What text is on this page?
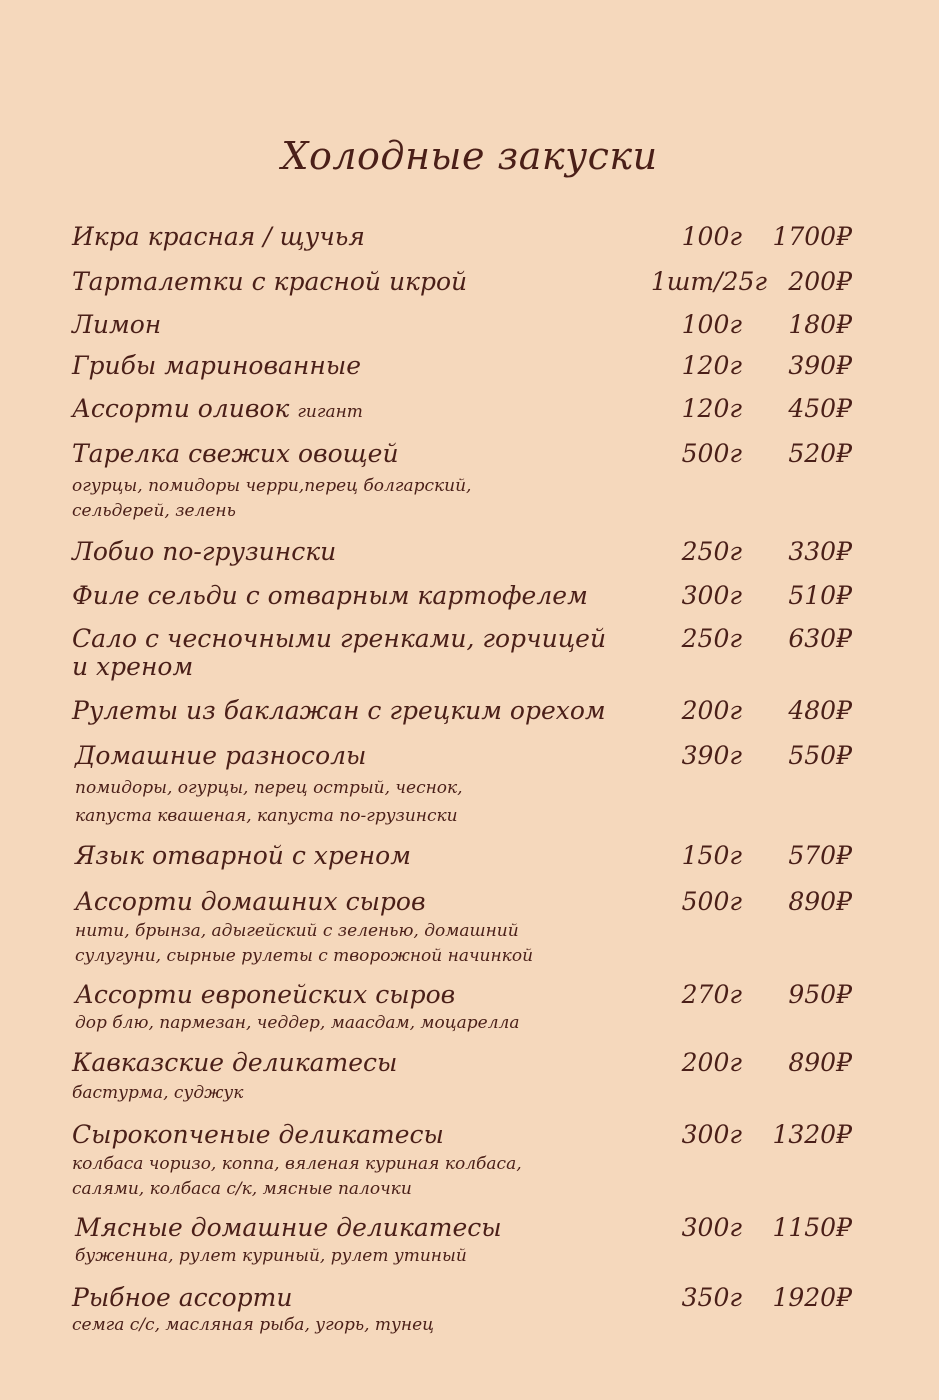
Холодные закуски
Икра красная / щучья	100г 1700₽
Тарталетки с красной икрой	1шт/25г 200₽
Лимон	100г 180₽
Грибы маринованные	120г 390₽
Ассорти оливок гигант	120г 450₽
Тарелка свежих овощей	500г 520₽
огурцы, помидоры черри,перец болгарский,
сельдерей, зелень
Лобио по-грузински	250г 330₽
Филе сельди с отварным картофелем	300г 510₽
Сало с чесночными гренками, горчицей
и хреном
250г 630₽
Рулеты из баклажан с грецким орехом	200г 480₽
Домашние разносолы	390г 550₽
помидоры, огурцы, перец острый, чеснок,
капуста квашеная, капуста по-грузински
Язык отварной с хреном	150г 570₽
Ассорти домашних сыров	500г 890₽
нити, брынза, адыгейский с зеленью, домашний
сулугуни, сырные рулеты с творожной начинкой
Ассорти европейских сыров	270г 950₽
дор блю, пармезан, чеддер, маасдам, моцарелла
Кавказские деликатесы	200г 890₽
бастурма, суджук
Сырокопченые деликатесы	300г 1320₽
колбаса чоризо, коппа, вяленая куриная колбаса,
салями, колбаса с/к, мясные палочки
Мясные домашние деликатесы	300г 1150₽
буженина, рулет куриный, рулет утиный
Рыбное ассорти	350г 1920₽
семга с/с, масляная рыба, угорь, тунец
